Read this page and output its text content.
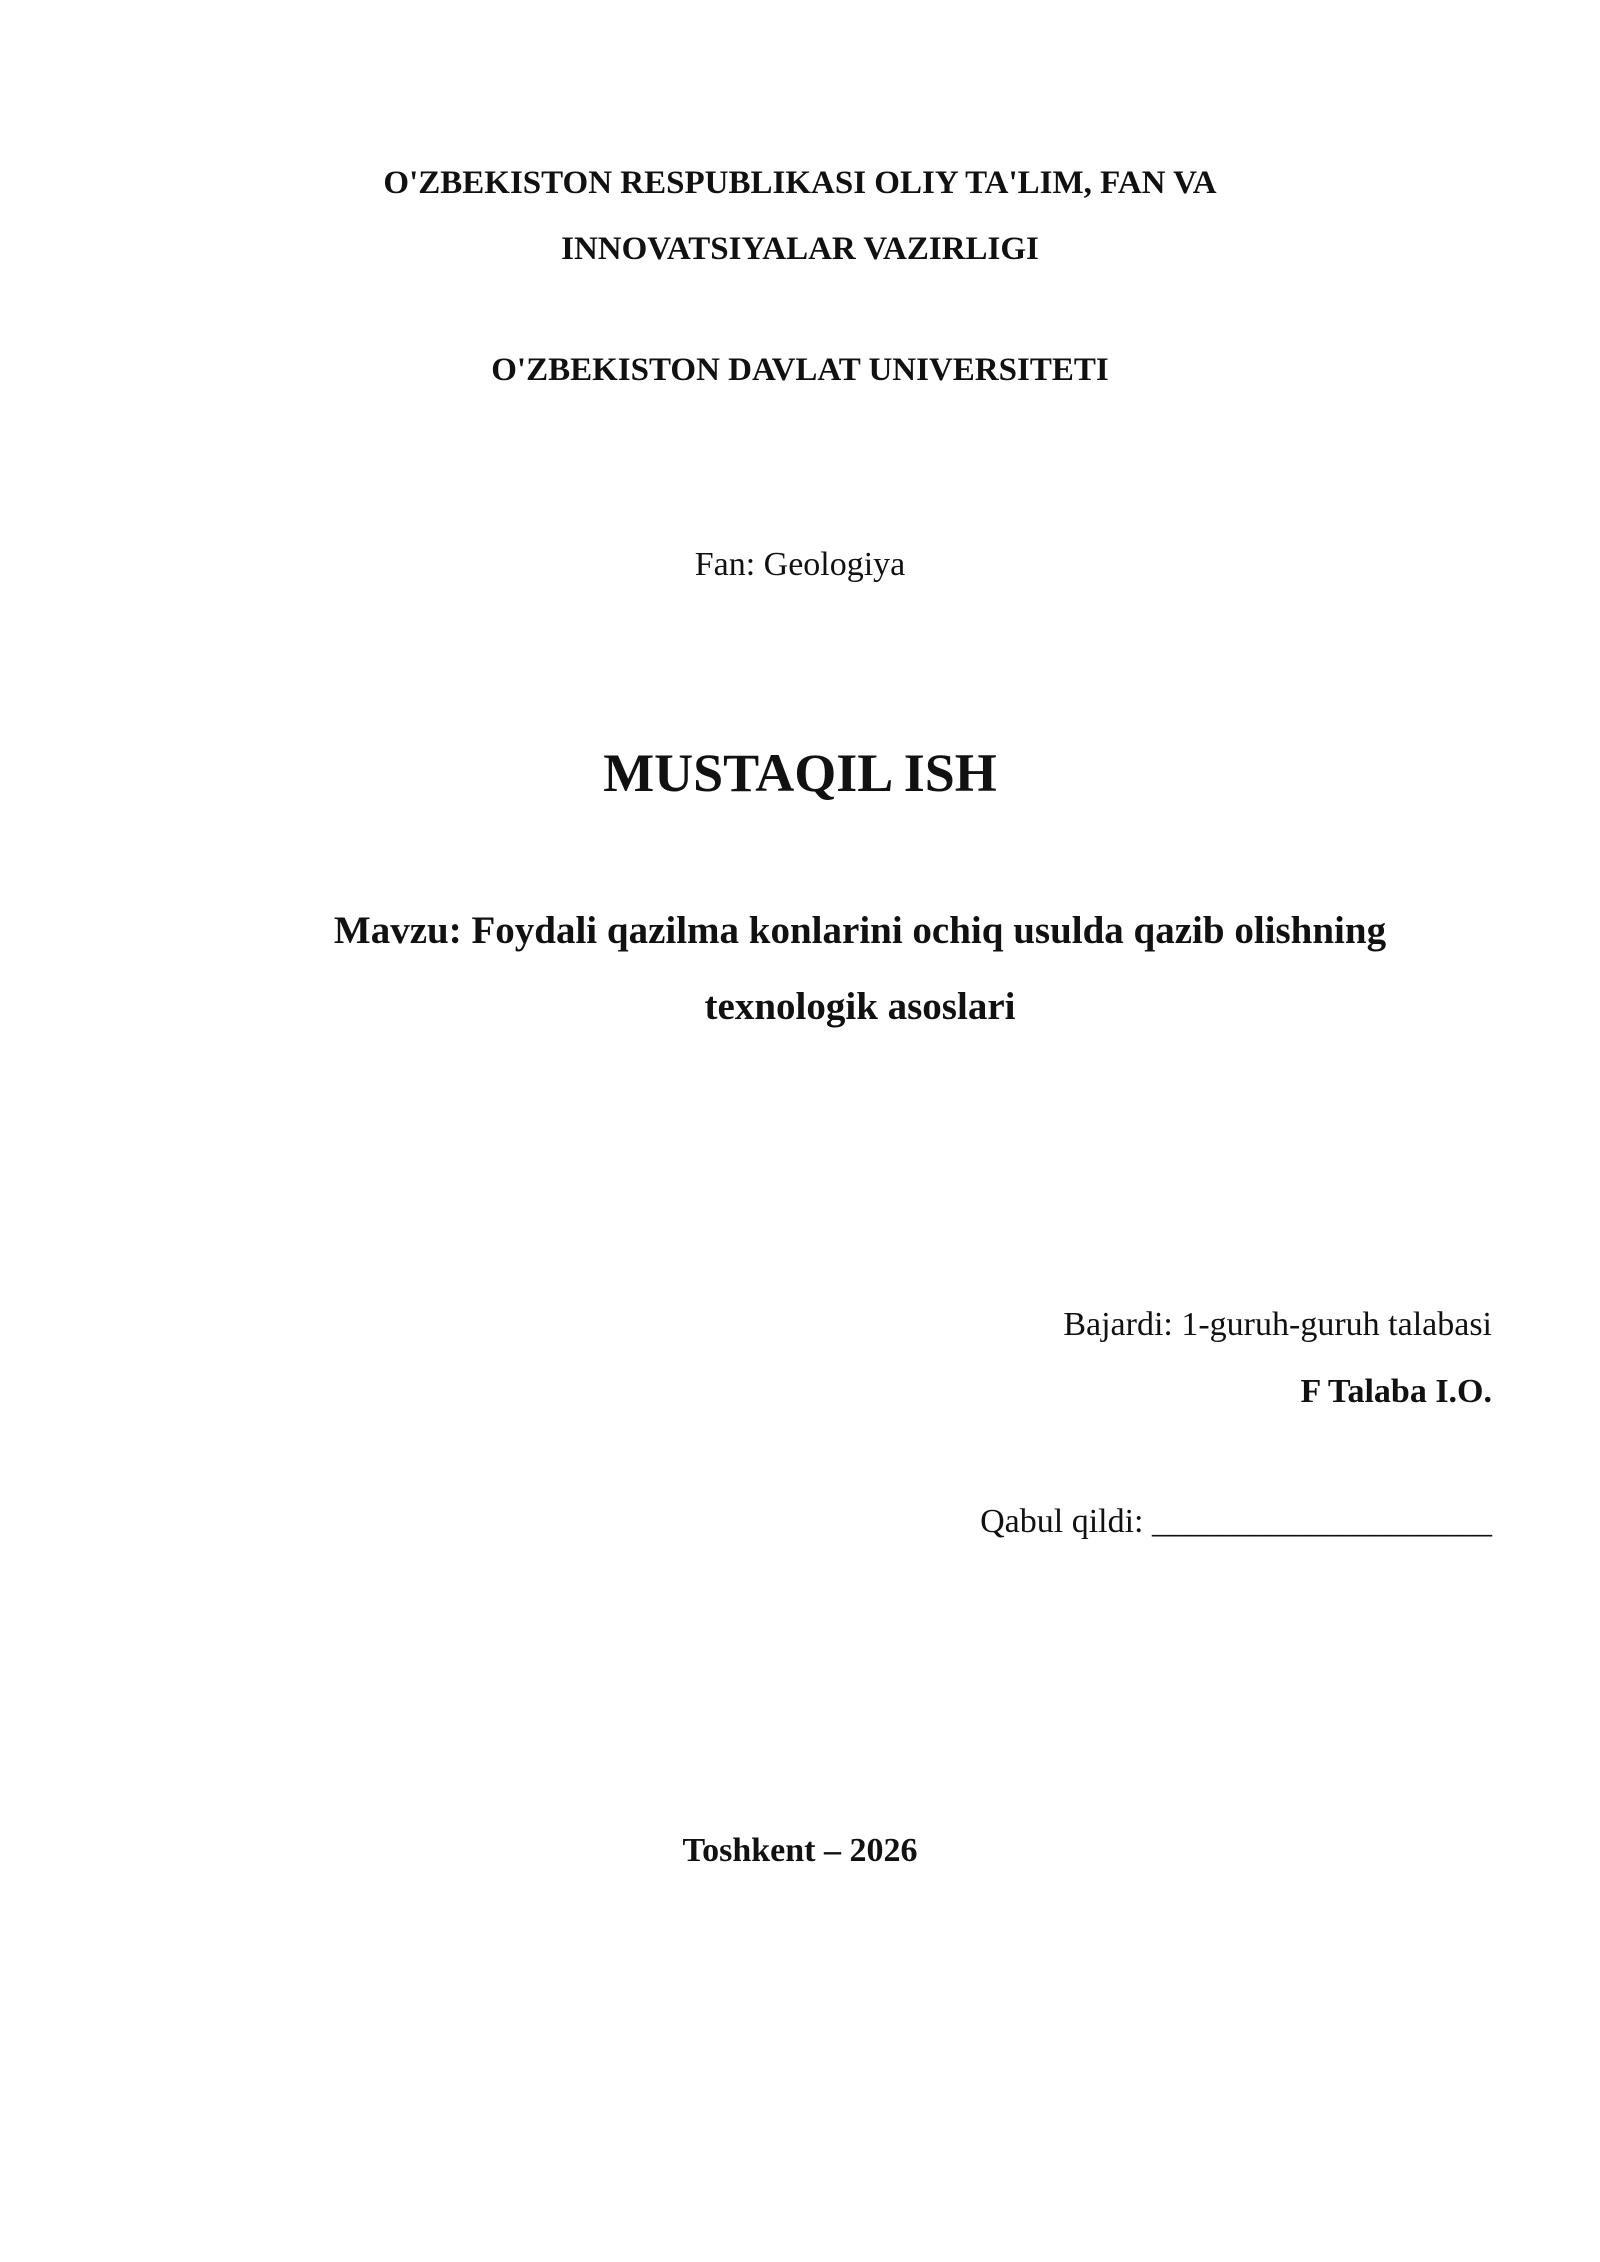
O'ZBEKISTON RESPUBLIKASI OLIY TA'LIM, FAN VA
INNOVATSIYALAR VAZIRLIGI
O'ZBEKISTON DAVLAT UNIVERSITETI
Fan: Geologiya
MUSTAQIL ISH
Mavzu: Foydali qazilma konlarini ochiq usulda qazib olishning
texnologik asoslari
Bajardi: 1-guruh-guruh talabasi
F Talaba I.O.
Qabul qildi: ____________________
Toshkent – 2026
